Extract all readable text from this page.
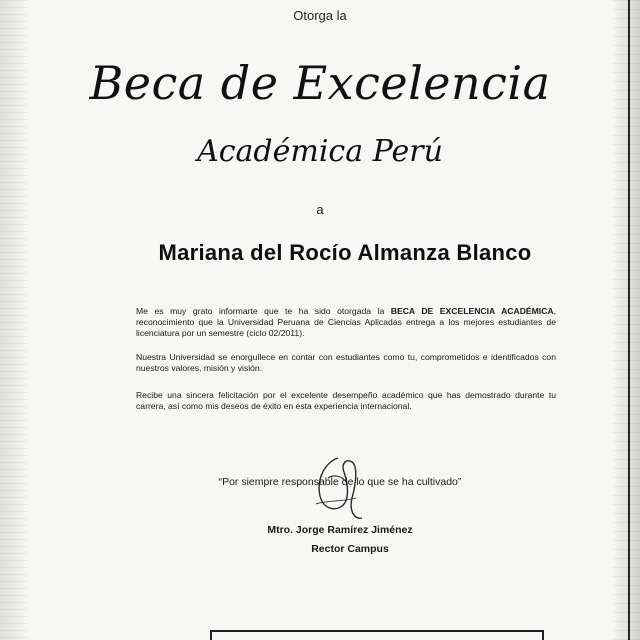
Otorga la
Beca de Excelencia
Académica Perú
a
Mariana del Rocío Almanza Blanco
Me es muy grato informarte que te ha sido otorgada la BECA DE EXCELENCIA ACADÉMICA, reconocimiento que la Universidad Peruana de Ciencias Aplicadas entrega a los mejores estudiantes de licenciatura por un semestre (ciclo 02/2011).
Nuestra Universidad se enorgullece en contar con estudiantes como tu, comprometidos e identificados con nuestros valores, misión y visión.
Recibe una sincera felicitación por el excelente desempeño académico que has demostrado durante tu carrera, así como mis deseos de éxito en esta experiencia internacional.
“Por siempre responsable de lo que se ha cultivado”
Mtro. Jorge Ramírez Jiménez
Rector Campus
